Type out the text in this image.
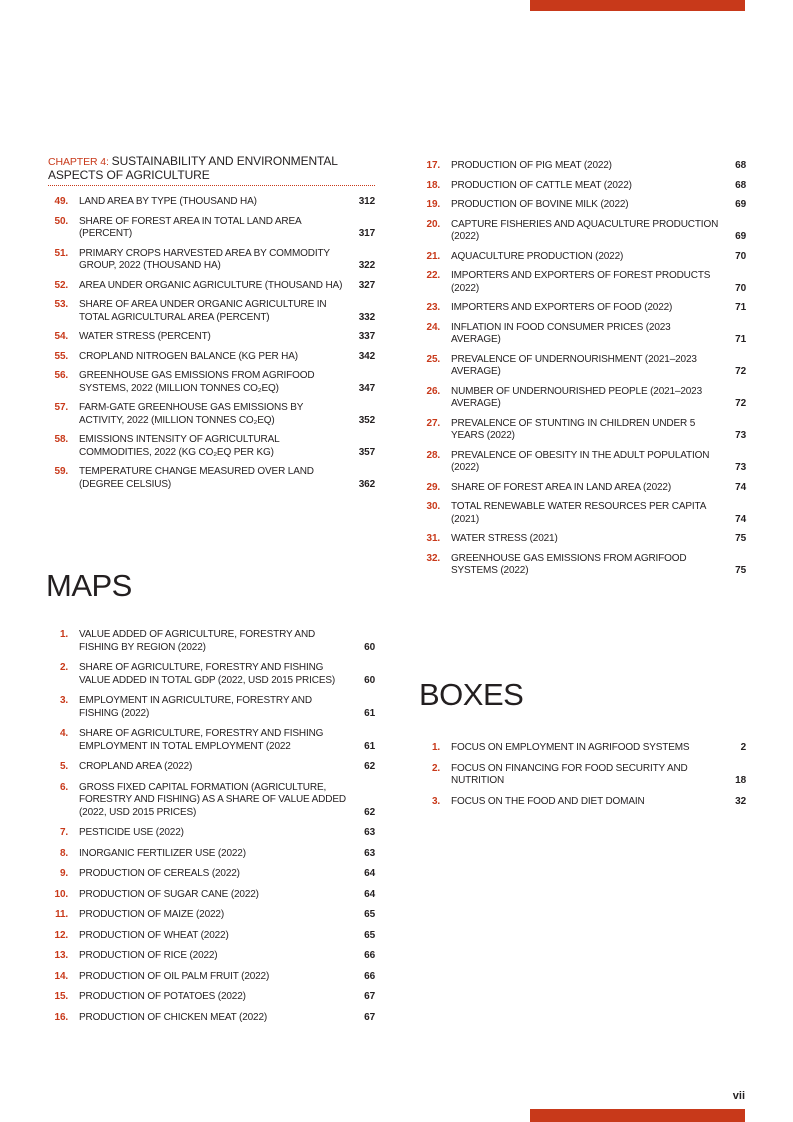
CHAPTER 4: SUSTAINABILITY AND ENVIRONMENTAL ASPECTS OF AGRICULTURE
49. LAND AREA BY TYPE (THOUSAND HA)	312
50. SHARE OF FOREST AREA IN TOTAL LAND AREA (PERCENT)	317
51. PRIMARY CROPS HARVESTED AREA BY COMMODITY GROUP, 2022 (THOUSAND HA)	322
52. AREA UNDER ORGANIC AGRICULTURE (THOUSAND HA)	327
53. SHARE OF AREA UNDER ORGANIC AGRICULTURE IN TOTAL AGRICULTURAL AREA (PERCENT)	332
54. WATER STRESS (PERCENT)	337
55. CROPLAND NITROGEN BALANCE (KG PER HA)	342
56. GREENHOUSE GAS EMISSIONS FROM AGRIFOOD SYSTEMS, 2022 (MILLION TONNES CO₂EQ)	347
57. FARM-GATE GREENHOUSE GAS EMISSIONS BY ACTIVITY, 2022 (MILLION TONNES CO₂EQ)	352
58. EMISSIONS INTENSITY OF AGRICULTURAL COMMODITIES, 2022 (KG CO₂EQ PER KG)	357
59. TEMPERATURE CHANGE MEASURED OVER LAND (DEGREE CELSIUS)	362
MAPS
1. VALUE ADDED OF AGRICULTURE, FORESTRY AND FISHING BY REGION (2022)	60
2. SHARE OF AGRICULTURE, FORESTRY AND FISHING VALUE ADDED IN TOTAL GDP (2022, USD 2015 PRICES)	60
3. EMPLOYMENT IN AGRICULTURE, FORESTRY AND FISHING (2022)	61
4. SHARE OF AGRICULTURE, FORESTRY AND FISHING EMPLOYMENT IN TOTAL EMPLOYMENT (2022	61
5. CROPLAND AREA (2022)	62
6. GROSS FIXED CAPITAL FORMATION (AGRICULTURE, FORESTRY AND FISHING) AS A SHARE OF VALUE ADDED (2022, USD 2015 PRICES)	62
7. PESTICIDE USE (2022)	63
8. INORGANIC FERTILIZER USE (2022)	63
9. PRODUCTION OF CEREALS (2022)	64
10. PRODUCTION OF SUGAR CANE (2022)	64
11. PRODUCTION OF MAIZE (2022)	65
12. PRODUCTION OF WHEAT (2022)	65
13. PRODUCTION OF RICE (2022)	66
14. PRODUCTION OF OIL PALM FRUIT (2022)	66
15. PRODUCTION OF POTATOES (2022)	67
16. PRODUCTION OF CHICKEN MEAT (2022)	67
17. PRODUCTION OF PIG MEAT (2022)	68
18. PRODUCTION OF CATTLE MEAT (2022)	68
19. PRODUCTION OF BOVINE MILK (2022)	69
20. CAPTURE FISHERIES AND AQUACULTURE PRODUCTION (2022)	69
21. AQUACULTURE PRODUCTION (2022)	70
22. IMPORTERS AND EXPORTERS OF FOREST PRODUCTS (2022)	70
23. IMPORTERS AND EXPORTERS OF FOOD (2022)	71
24. INFLATION IN FOOD CONSUMER PRICES (2023 AVERAGE)	71
25. PREVALENCE OF UNDERNOURISHMENT (2021–2023 AVERAGE)	72
26. NUMBER OF UNDERNOURISHED PEOPLE (2021–2023 AVERAGE)	72
27. PREVALENCE OF STUNTING IN CHILDREN UNDER 5 YEARS (2022)	73
28. PREVALENCE OF OBESITY IN THE ADULT POPULATION (2022)	73
29. SHARE OF FOREST AREA IN LAND AREA (2022)	74
30. TOTAL RENEWABLE WATER RESOURCES PER CAPITA (2021)	74
31. WATER STRESS (2021)	75
32. GREENHOUSE GAS EMISSIONS FROM AGRIFOOD SYSTEMS (2022)	75
BOXES
1. FOCUS ON EMPLOYMENT IN AGRIFOOD SYSTEMS	2
2. FOCUS ON FINANCING FOR FOOD SECURITY AND NUTRITION	18
3. FOCUS ON THE FOOD AND DIET DOMAIN	32
vii
